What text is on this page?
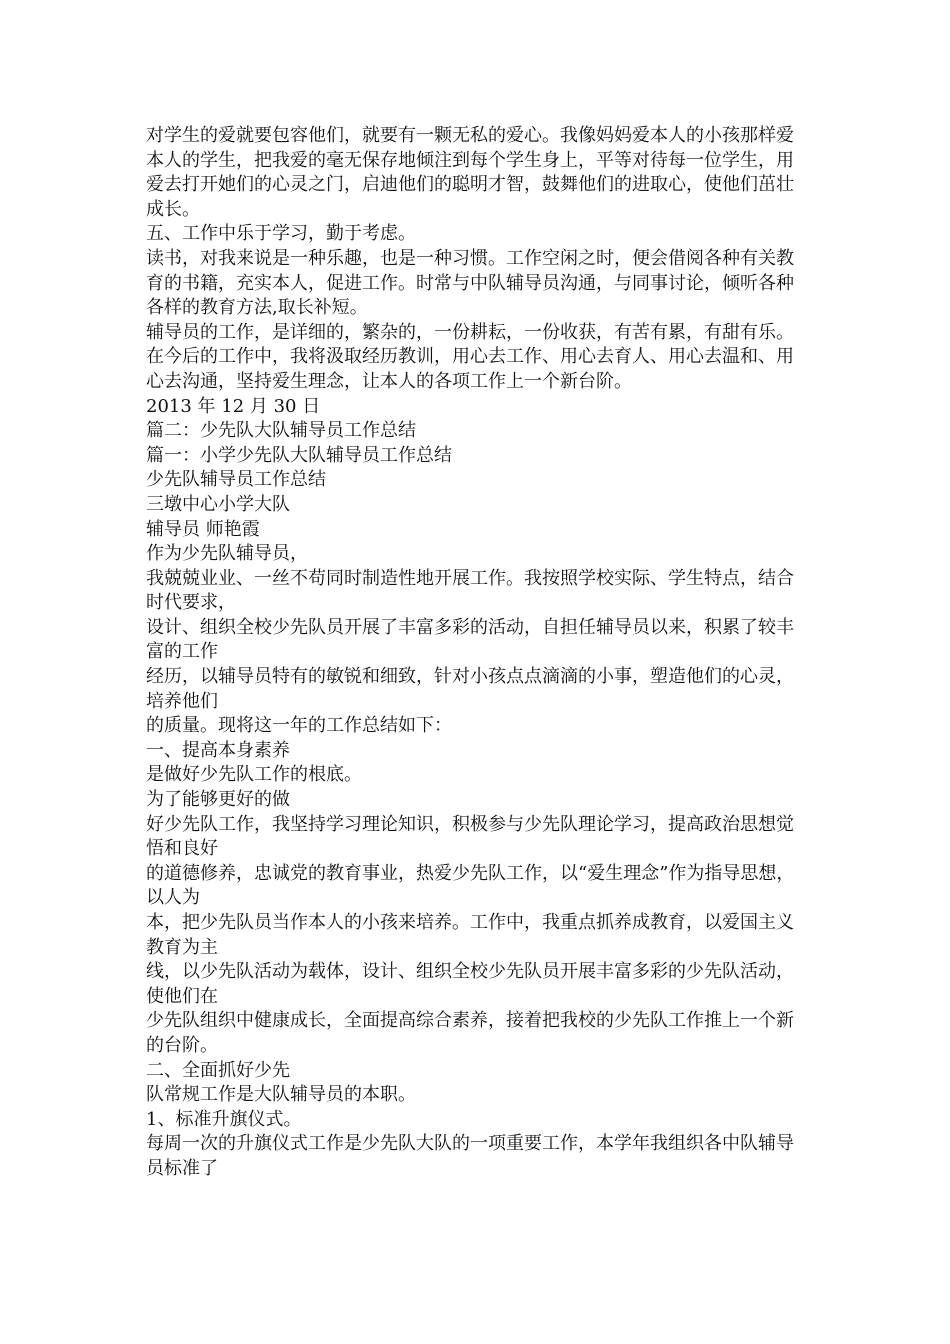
对学生的爱就要包容他们，就要有一颗无私的爱心。我像妈妈爱本人的小孩那样爱本人的学生，把我爱的毫无保存地倾注到每个学生身上，平等对待每一位学生，用爱去打开她们的心灵之门，启迪他们的聪明才智，鼓舞他们的进取心，使他们茁壮成长。

五、工作中乐于学习，勤于考虑。

读书，对我来说是一种乐趣，也是一种习惯。工作空闲之时，便会借阅各种有关教育的书籍，充实本人，促进工作。时常与中队辅导员沟通，与同事讨论，倾听各种各样的教育方法,取长补短。

辅导员的工作，是详细的，繁杂的，一份耕耘，一份收获，有苦有累，有甜有乐。在今后的工作中，我将汲取经历教训，用心去工作、用心去育人、用心去温和、用心去沟通，坚持爱生理念，让本人的各项工作上一个新台阶。

2013 年 12 月 30 日

篇二：少先队大队辅导员工作总结

篇一：小学少先队大队辅导员工作总结

少先队辅导员工作总结

三墩中心小学大队

辅导员 师艳霞

作为少先队辅导员，

我兢兢业业、一丝不苟同时制造性地开展工作。我按照学校实际、学生特点，结合时代要求，

设计、组织全校少先队员开展了丰富多彩的活动，自担任辅导员以来，积累了较丰富的工作

经历，以辅导员特有的敏锐和细致，针对小孩点点滴滴的小事，塑造他们的心灵，培养他们

的质量。现将这一年的工作总结如下：

一、提高本身素养

是做好少先队工作的根底。

为了能够更好的做

好少先队工作，我坚持学习理论知识，积极参与少先队理论学习，提高政治思想觉悟和良好

的道德修养，忠诚党的教育事业，热爱少先队工作，以“爱生理念”作为指导思想，以人为

本，把少先队员当作本人的小孩来培养。工作中，我重点抓养成教育，以爱国主义教育为主

线，以少先队活动为载体，设计、组织全校少先队员开展丰富多彩的少先队活动，使他们在

少先队组织中健康成长，全面提高综合素养，接着把我校的少先队工作推上一个新的台阶。

二、全面抓好少先

队常规工作是大队辅导员的本职。

1、标准升旗仪式。

每周一次的升旗仪式工作是少先队大队的一项重要工作，本学年我组织各中队辅导员标准了
